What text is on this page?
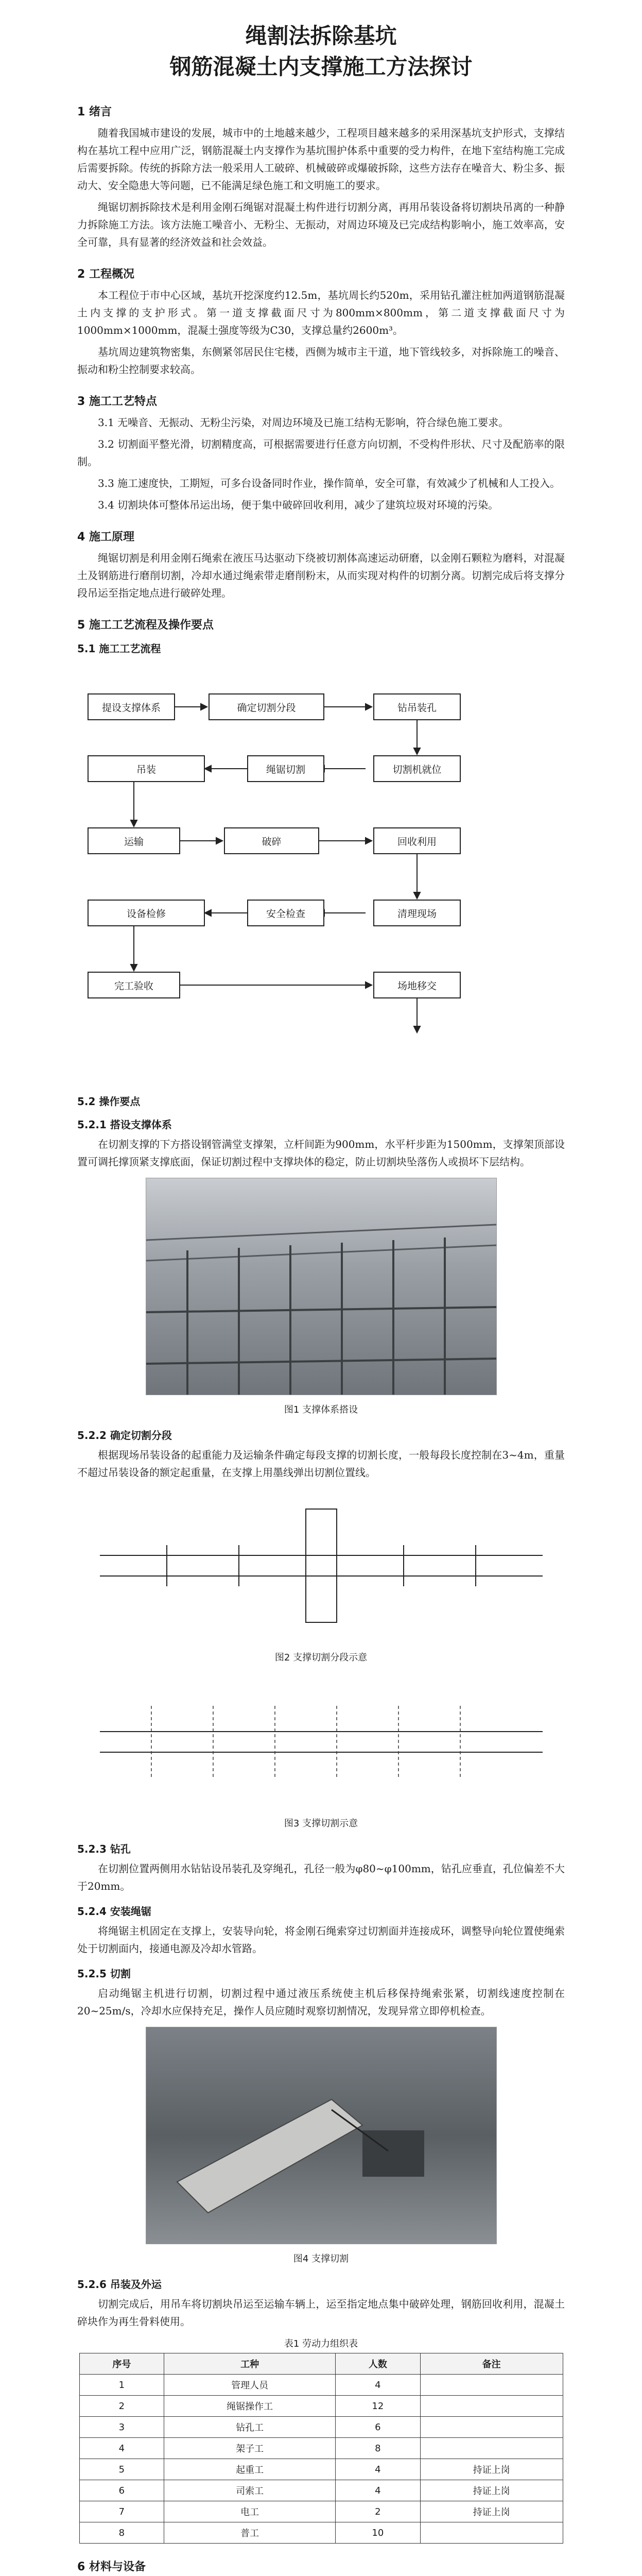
绳割法拆除基坑
钢筋混凝土内支撑施工方法探讨
1 绪言

随着我国城市建设的发展，城市中的土地越来越少，工程项目越来越多的采用深基坑支护形式，支撑结构在基坑工程中应用广泛，钢筋混凝土内支撑作为基坑围护体系中重要的受力构件，在地下室结构施工完成后需要拆除。传统的拆除方法一般采用人工破碎、机械破碎或爆破拆除，这些方法存在噪音大、粉尘多、振动大、安全隐患大等问题，已不能满足绿色施工和文明施工的要求。

绳锯切割拆除技术是利用金刚石绳锯对混凝土构件进行切割分离，再用吊装设备将切割块吊离的一种静力拆除施工方法。该方法施工噪音小、无粉尘、无振动，对周边环境及已完成结构影响小，施工效率高，安全可靠，具有显著的经济效益和社会效益。

2 工程概况

本工程位于市中心区域，基坑开挖深度约12.5m，基坑周长约520m，采用钻孔灌注桩加两道钢筋混凝土内支撑的支护形式。第一道支撑截面尺寸为800mm×800mm，第二道支撑截面尺寸为1000mm×1000mm，混凝土强度等级为C30，支撑总量约2600m³。

基坑周边建筑物密集，东侧紧邻居民住宅楼，西侧为城市主干道，地下管线较多，对拆除施工的噪音、振动和粉尘控制要求较高。

3 施工工艺特点

3.1 无噪音、无振动、无粉尘污染，对周边环境及已施工结构无影响，符合绿色施工要求。

3.2 切割面平整光滑，切割精度高，可根据需要进行任意方向切割，不受构件形状、尺寸及配筋率的限制。

3.3 施工速度快，工期短，可多台设备同时作业，操作简单，安全可靠，有效减少了机械和人工投入。

3.4 切割块体可整体吊运出场，便于集中破碎回收利用，减少了建筑垃圾对环境的污染。

4 施工原理

绳锯切割是利用金刚石绳索在液压马达驱动下绕被切割体高速运动研磨，以金刚石颗粒为磨料，对混凝土及钢筋进行磨削切割，冷却水通过绳索带走磨削粉末，从而实现对构件的切割分离。切割完成后将支撑分段吊运至指定地点进行破碎处理。

5 施工工艺流程及操作要点
5.1 施工工艺流程
提设支撑体系	确定切割分段	钻吊装孔
切割机就位
绳锯切割
吊装
运输	破碎	回收利用
清理现场
安全检查
设备检修
完工验收	场地移交
5.2 操作要点
5.2.1 搭设支撑体系

在切割支撑的下方搭设钢管满堂支撑架，立杆间距为900mm，水平杆步距为1500mm，支撑架顶部设置可调托撑顶紧支撑底面，保证切割过程中支撑块体的稳定，防止切割块坠落伤人或损坏下层结构。

图1 支撑体系搭设
5.2.2 确定切割分段

根据现场吊装设备的起重能力及运输条件确定每段支撑的切割长度，一般每段长度控制在3~4m，重量不超过吊装设备的额定起重量，在支撑上用墨线弹出切割位置线。

图2 支撑切割分段示意
图3 支撑切割示意
5.2.3 钻孔

在切割位置两侧用水钻钻设吊装孔及穿绳孔，孔径一般为φ80~φ100mm，钻孔应垂直，孔位偏差不大于20mm。

5.2.4 安装绳锯

将绳锯主机固定在支撑上，安装导向轮，将金刚石绳索穿过切割面并连接成环，调整导向轮位置使绳索处于切割面内，接通电源及冷却水管路。

5.2.5 切割

启动绳锯主机进行切割，切割过程中通过液压系统使主机后移保持绳索张紧，切割线速度控制在20~25m/s，冷却水应保持充足，操作人员应随时观察切割情况，发现异常立即停机检查。

图4 支撑切割
5.2.6 吊装及外运

切割完成后，用吊车将切割块吊运至运输车辆上，运至指定地点集中破碎处理，钢筋回收利用，混凝土碎块作为再生骨料使用。

表1 劳动力组织表
序号	工种	人数	备注
1	管理人员	4	
2	绳锯操作工	12	
3	钻孔工	6	
4	架子工	8	
5	起重工	4	持证上岗
6	司索工	4	持证上岗
7	电工	2	持证上岗
8	普工	10	
6 材料与设备
